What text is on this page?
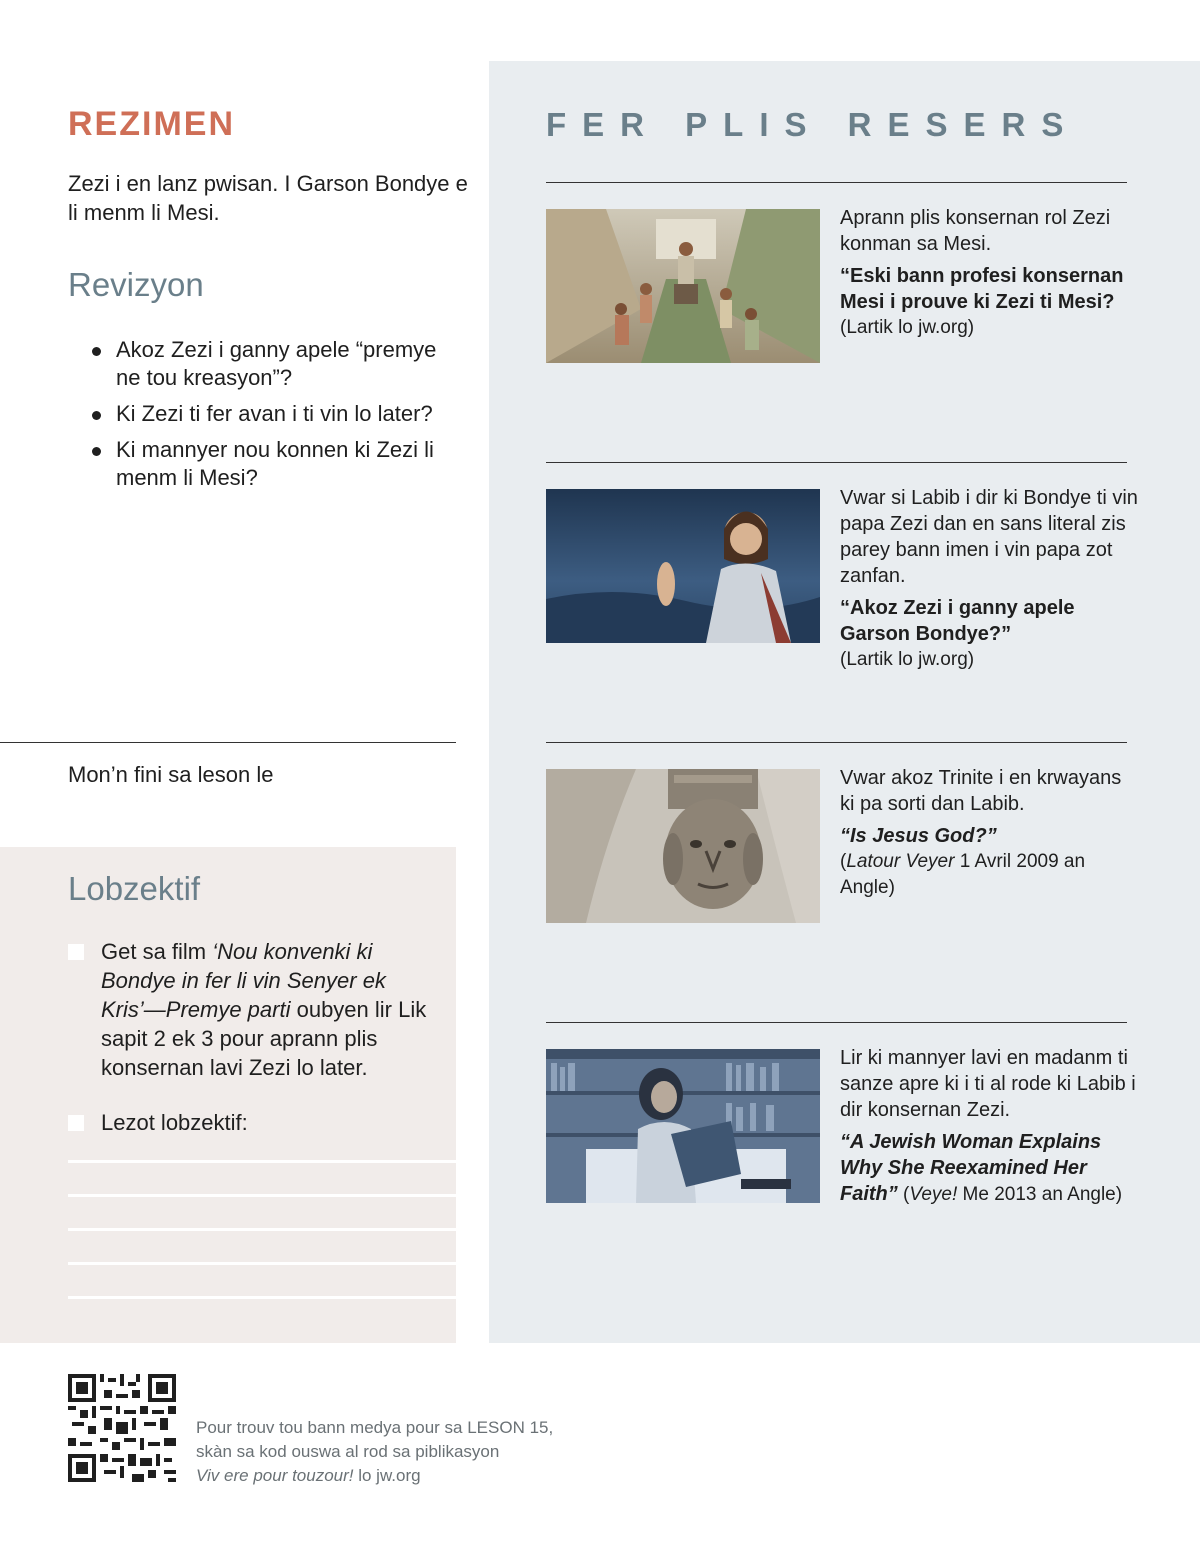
REZIMEN

Zezi i en lanz pwisan. I Garson Bondye e li menm li Mesi.

Revizyon
Akoz Zezi i ganny apele “premye ne tou kreasyon”?
Ki Zezi ti fer avan i ti vin lo later?
Ki mannyer nou konnen ki Zezi li menm li Mesi?

Mon’n fini sa leson le

Lobzektif
Get sa film ‘Nou konvenki ki Bondye in fer li vin Senyer ek Kris’—Premye parti oubyen lir Lik sapit 2 ek 3 pour aprann plis konsernan lavi Zezi lo later.
Lezot lobzektif:
FER PLIS RESERS

Aprann plis konsernan rol Zezi konman sa Mesi.

“Eski bann profesi konsernan Mesi i prouve ki Zezi ti Mesi?

(Lartik lo jw.org)

Vwar si Labib i dir ki Bondye ti vin papa Zezi dan en sans literal zis parey bann imen i vin papa zot zanfan.

“Akoz Zezi i ganny apele Garson Bondye?”

(Lartik lo jw.org)

Vwar akoz Trinite i en krwayans ki pa sorti dan Labib.

“Is Jesus God?”

(Latour Veyer 1 Avril 2009 an Angle)

Lir ki mannyer lavi en madanm ti sanze apre ki i ti al rode ki Labib i dir konsernan Zezi.

“A Jewish Woman Explains Why She Reexamined Her Faith” (Veye! Me 2013 an Angle)

Pour trouv tou bann medya pour sa LESON 15,

skàn sa kod ouswa al rod sa piblikasyon

Viv ere pour touzour! lo jw.org
